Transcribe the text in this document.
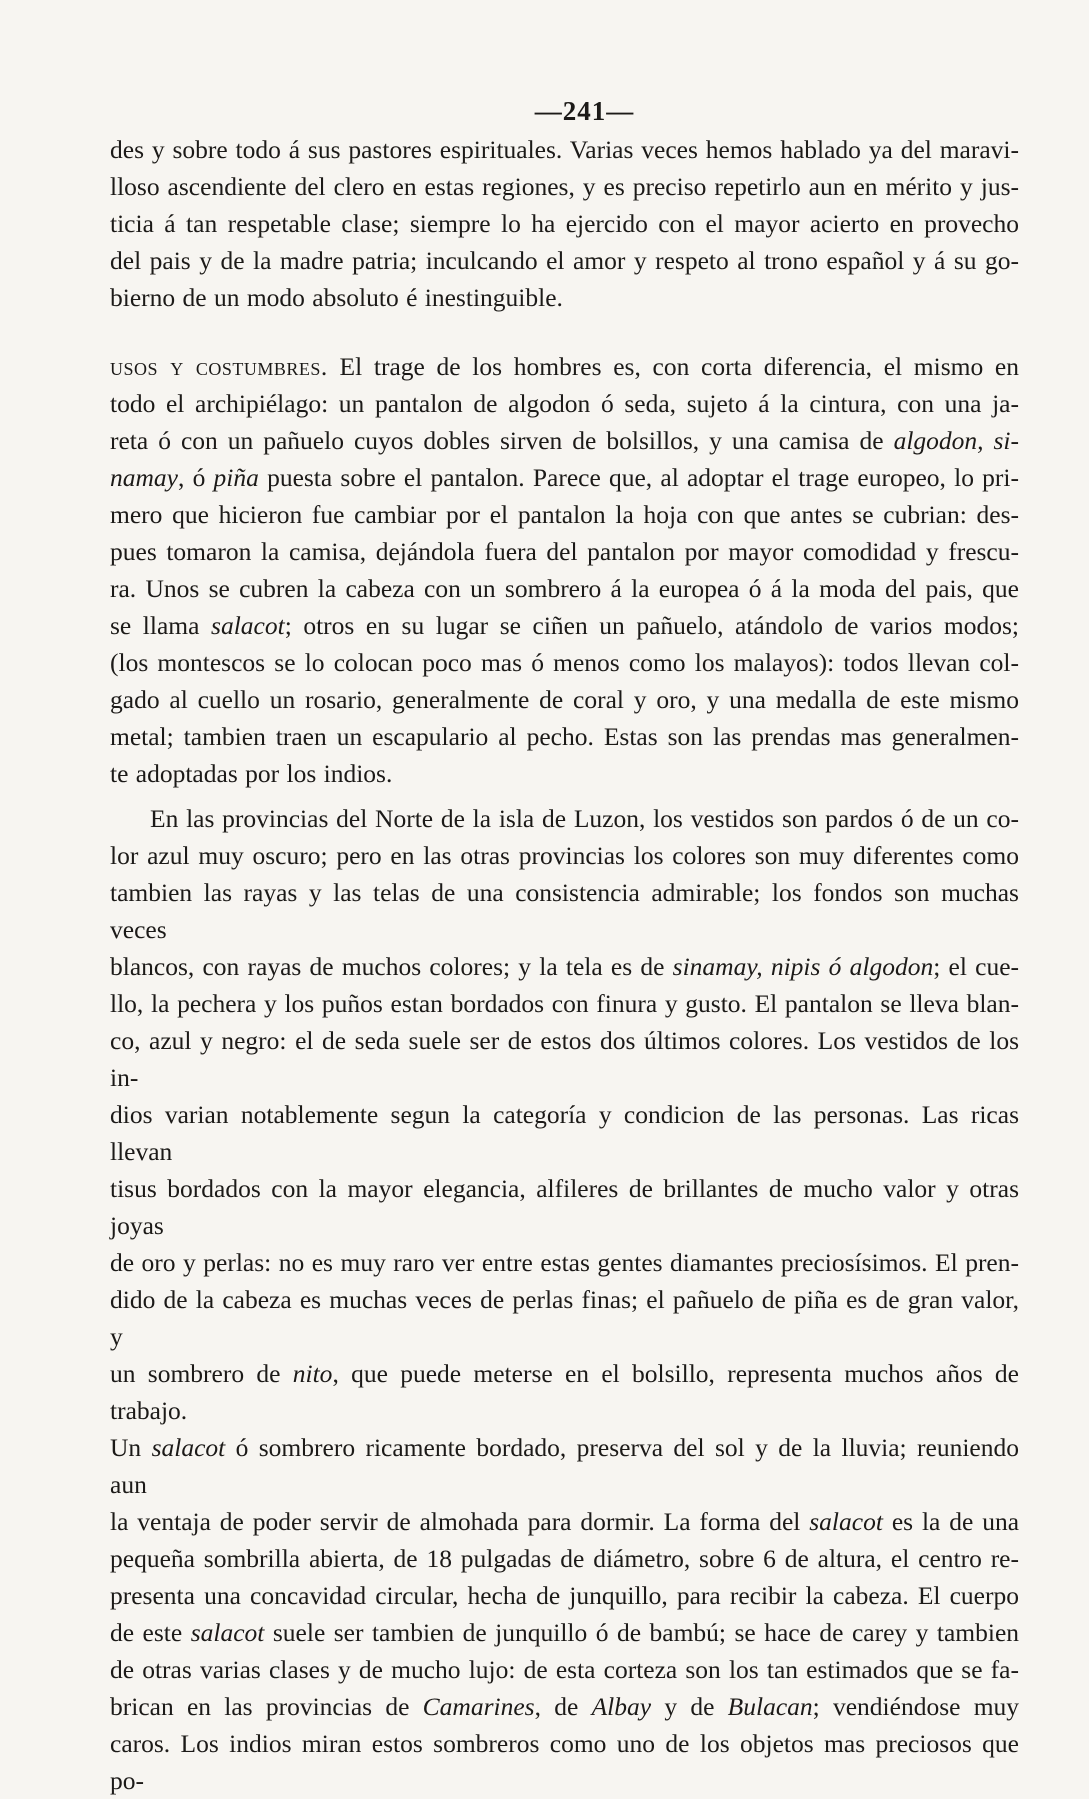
—241—
des y sobre todo á sus pastores espirituales. Varias veces hemos hablado ya del maravi-
lloso ascendiente del clero en estas regiones, y es preciso repetirlo aun en mérito y jus-
ticia á tan respetable clase; siempre lo ha ejercido con el mayor acierto en provecho
del pais y de la madre patria; inculcando el amor y respeto al trono español y á su go-
bierno de un modo absoluto é inestinguible.
usos y costumbres. El trage de los hombres es, con corta diferencia, el mismo en
todo el archipiélago: un pantalon de algodon ó seda, sujeto á la cintura, con una ja-
reta ó con un pañuelo cuyos dobles sirven de bolsillos, y una camisa de algodon, si-
namay, ó piña puesta sobre el pantalon. Parece que, al adoptar el trage europeo, lo pri-
mero que hicieron fue cambiar por el pantalon la hoja con que antes se cubrian: des-
pues tomaron la camisa, dejándola fuera del pantalon por mayor comodidad y frescu-
ra. Unos se cubren la cabeza con un sombrero á la europea ó á la moda del pais, que
se llama salacot; otros en su lugar se ciñen un pañuelo, atándolo de varios modos;
(los montescos se lo colocan poco mas ó menos como los malayos): todos llevan col-
gado al cuello un rosario, generalmente de coral y oro, y una medalla de este mismo
metal; tambien traen un escapulario al pecho. Estas son las prendas mas generalmen-
te adoptadas por los indios.
En las provincias del Norte de la isla de Luzon, los vestidos son pardos ó de un co-
lor azul muy oscuro; pero en las otras provincias los colores son muy diferentes como
tambien las rayas y las telas de una consistencia admirable; los fondos son muchas veces
blancos, con rayas de muchos colores; y la tela es de sinamay, nipis ó algodon; el cue-
llo, la pechera y los puños estan bordados con finura y gusto. El pantalon se lleva blan-
co, azul y negro: el de seda suele ser de estos dos últimos colores. Los vestidos de los in-
dios varian notablemente segun la categoría y condicion de las personas. Las ricas llevan
tisus bordados con la mayor elegancia, alfileres de brillantes de mucho valor y otras joyas
de oro y perlas: no es muy raro ver entre estas gentes diamantes preciosísimos. El pren-
dido de la cabeza es muchas veces de perlas finas; el pañuelo de piña es de gran valor, y
un sombrero de nito, que puede meterse en el bolsillo, representa muchos años de trabajo.
Un salacot ó sombrero ricamente bordado, preserva del sol y de la lluvia; reuniendo aun
la ventaja de poder servir de almohada para dormir. La forma del salacot es la de una
pequeña sombrilla abierta, de 18 pulgadas de diámetro, sobre 6 de altura, el centro re-
presenta una concavidad circular, hecha de junquillo, para recibir la cabeza. El cuerpo
de este salacot suele ser tambien de junquillo ó de bambú; se hace de carey y tambien
de otras varias clases y de mucho lujo: de esta corteza son los tan estimados que se fa-
brican en las provincias de Camarines, de Albay y de Bulacan; vendiéndose muy
caros. Los indios miran estos sombreros como uno de los objetos mas preciosos que po-
